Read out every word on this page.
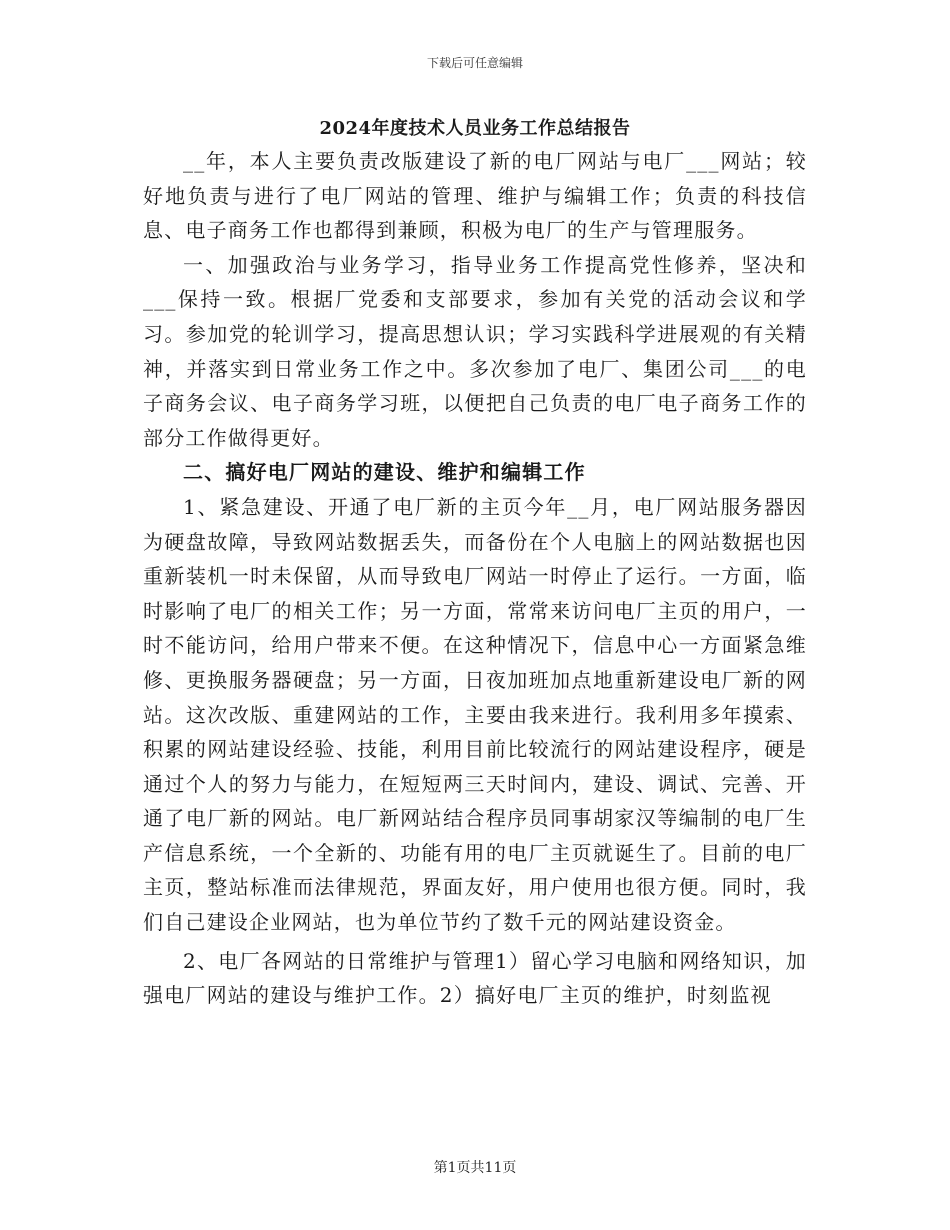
下载后可任意编辑
2024年度技术人员业务工作总结报告

__年，本人主要负责改版建设了新的电厂网站与电厂___网站；较好地负责与进行了电厂网站的管理、维护与编辑工作；负责的科技信息、电子商务工作也都得到兼顾，积极为电厂的生产与管理服务。

一、加强政治与业务学习，指导业务工作提高党性修养，坚决和___保持一致。根据厂党委和支部要求，参加有关党的活动会议和学习。参加党的轮训学习，提高思想认识；学习实践科学进展观的有关精神，并落实到日常业务工作之中。多次参加了电厂、集团公司___的电子商务会议、电子商务学习班，以便把自己负责的电厂电子商务工作的部分工作做得更好。

二、搞好电厂网站的建设、维护和编辑工作

1、紧急建设、开通了电厂新的主页今年__月，电厂网站服务器因为硬盘故障，导致网站数据丢失，而备份在个人电脑上的网站数据也因重新装机一时未保留，从而导致电厂网站一时停止了运行。一方面，临时影响了电厂的相关工作；另一方面，常常来访问电厂主页的用户，一时不能访问，给用户带来不便。在这种情况下，信息中心一方面紧急维修、更换服务器硬盘；另一方面，日夜加班加点地重新建设电厂新的网站。这次改版、重建网站的工作，主要由我来进行。我利用多年摸索、积累的网站建设经验、技能，利用目前比较流行的网站建设程序，硬是通过个人的努力与能力，在短短两三天时间内，建设、调试、完善、开通了电厂新的网站。电厂新网站结合程序员同事胡家汉等编制的电厂生产信息系统，一个全新的、功能有用的电厂主页就诞生了。目前的电厂主页，整站标准而法律规范，界面友好，用户使用也很方便。同时，我们自己建设企业网站，也为单位节约了数千元的网站建设资金。

2、电厂各网站的日常维护与管理1）留心学习电脑和网络知识，加强电厂网站的建设与维护工作。2）搞好电厂主页的维护，时刻监视

第1页共11页
